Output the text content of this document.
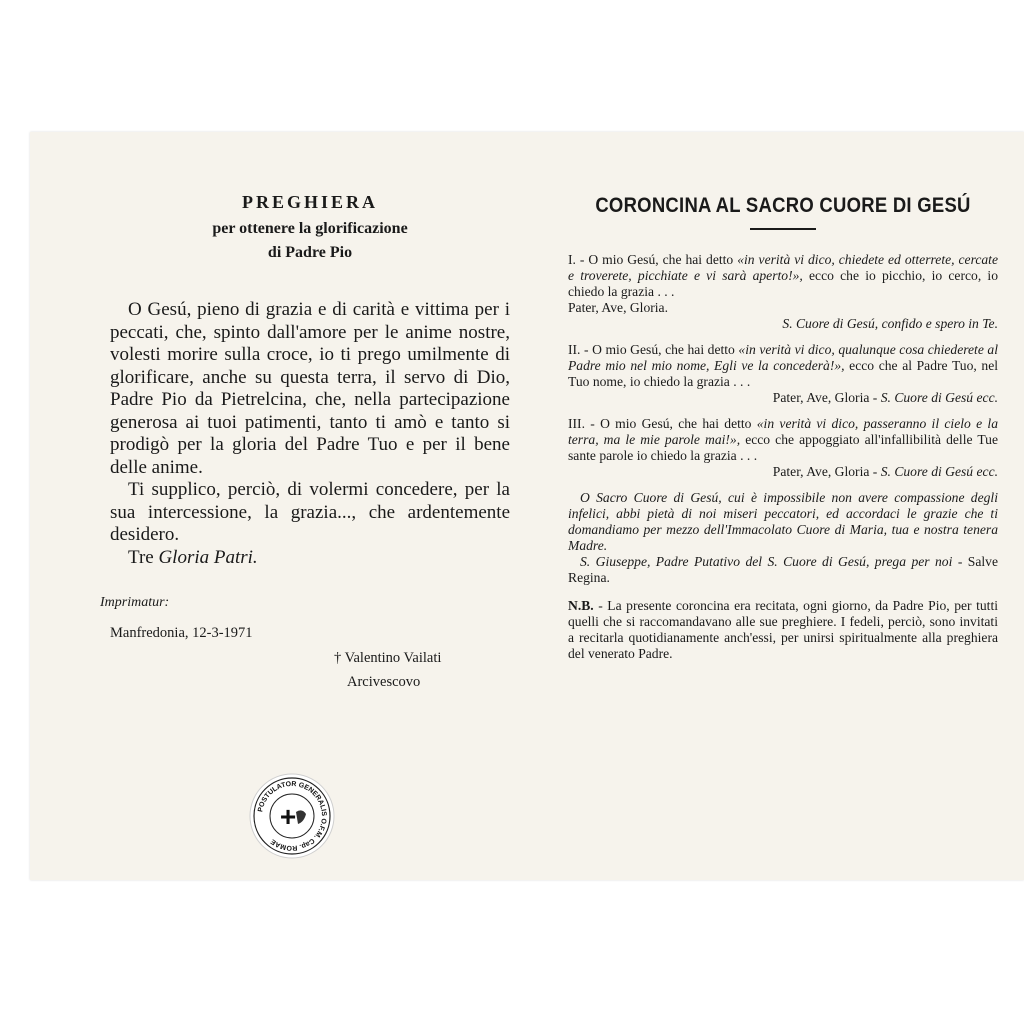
PREGHIERA
per ottenere la glorificazione
di Padre Pio

O Gesú, pieno di grazia e di carità e vittima per i peccati, che, spinto dall'amore per le anime nostre, volesti morire sulla croce, io ti prego umilmente di glorificare, anche su questa terra, il servo di Dio, Padre Pio da Pietrelcina, che, nella partecipazione generosa ai tuoi patimenti, tanto ti amò e tanto si prodigò per la gloria del Padre Tuo e per il bene delle anime.

Ti supplico, perciò, di volermi concedere, per la sua intercessione, la grazia..., che ardentemente desidero.

Tre Gloria Patri.

Imprimatur:
Manfredonia, 12-3-1971
† Valentino Vailati
Arcivescovo
POSTULATOR GENERALIS O.F.M. Cap. ROMAE
+
CORONCINA AL SACRO CUORE DI GESÚ

I. - O mio Gesú, che hai detto «in verità vi dico, chiedete ed otterrete, cercate e troverete, picchiate e vi sarà aperto!», ecco che io picchio, io cerco, io chiedo la grazia . . .

Pater, Ave, Gloria.

S. Cuore di Gesú, confido e spero in Te.

II. - O mio Gesú, che hai detto «in verità vi dico, qualunque cosa chiederete al Padre mio nel mio nome, Egli ve la concederà!», ecco che al Padre Tuo, nel Tuo nome, io chiedo la grazia . . .

Pater, Ave, Gloria - S. Cuore di Gesú ecc.

III. - O mio Gesú, che hai detto «in verità vi dico, passeranno il cielo e la terra, ma le mie parole mai!», ecco che appoggiato all'infallibilità delle Tue sante parole io chiedo la grazia . . .

Pater, Ave, Gloria - S. Cuore di Gesú ecc.

O Sacro Cuore di Gesú, cui è impossibile non avere compassione degli infelici, abbi pietà di noi miseri peccatori, ed accordaci le grazie che ti domandiamo per mezzo dell'Immacolato Cuore di Maria, tua e nostra tenera Madre.

S. Giuseppe, Padre Putativo del S. Cuore di Gesú, prega per noi - Salve Regina.

N.B. - La presente coroncina era recitata, ogni giorno, da Padre Pio, per tutti quelli che si raccomandavano alle sue preghiere. I fedeli, perciò, sono invitati a recitarla quotidianamente anch'essi, per unirsi spiritualmente alla preghiera del venerato Padre.
